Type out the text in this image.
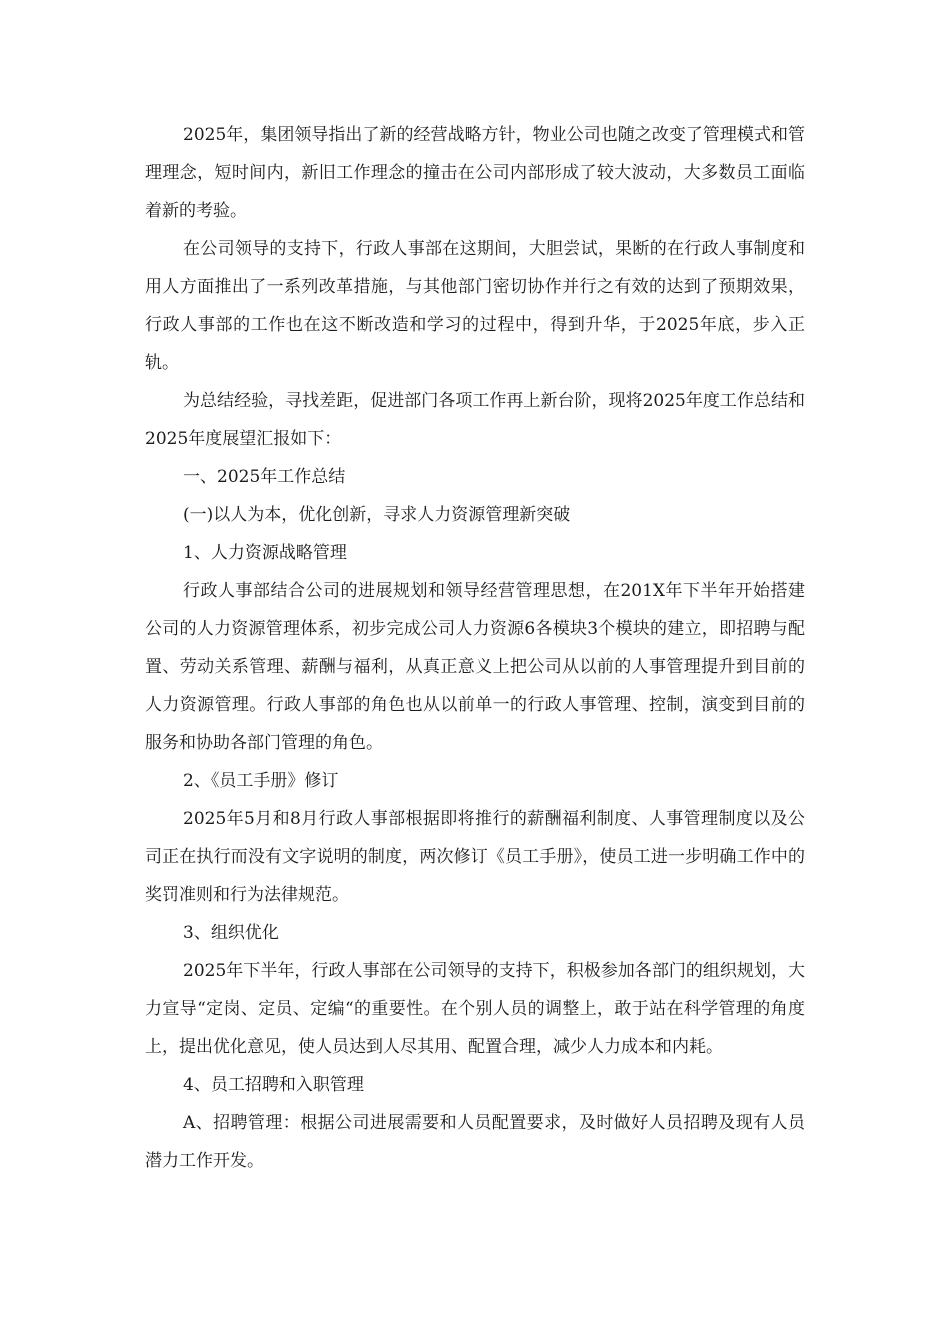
2025年，集团领导指出了新的经营战略方针，物业公司也随之改变了管理模式和管理理念，短时间内，新旧工作理念的撞击在公司内部形成了较大波动，大多数员工面临着新的考验。

在公司领导的支持下，行政人事部在这期间，大胆尝试，果断的在行政人事制度和用人方面推出了一系列改革措施，与其他部门密切协作并行之有效的达到了预期效果，行政人事部的工作也在这不断改造和学习的过程中，得到升华，于2025年底，步入正轨。

为总结经验，寻找差距，促进部门各项工作再上新台阶，现将2025年度工作总结和2025年度展望汇报如下：

一、2025年工作总结

(一)以人为本，优化创新，寻求人力资源管理新突破

1、人力资源战略管理

行政人事部结合公司的进展规划和领导经营管理思想，在201X年下半年开始搭建公司的人力资源管理体系，初步完成公司人力资源6各模块3个模块的建立，即招聘与配置、劳动关系管理、薪酬与福利，从真正意义上把公司从以前的人事管理提升到目前的人力资源管理。行政人事部的角色也从以前单一的行政人事管理、控制，演变到目前的服务和协助各部门管理的角色。

2、《员工手册》修订

2025年5月和8月行政人事部根据即将推行的薪酬福利制度、人事管理制度以及公司正在执行而没有文字说明的制度，两次修订《员工手册》，使员工进一步明确工作中的奖罚准则和行为法律规范。

3、组织优化

2025年下半年，行政人事部在公司领导的支持下，积极参加各部门的组织规划，大力宣导“定岗、定员、定编“的重要性。在个别人员的调整上，敢于站在科学管理的角度上，提出优化意见，使人员达到人尽其用、配置合理，减少人力成本和内耗。

4、员工招聘和入职管理

A、招聘管理：根据公司进展需要和人员配置要求，及时做好人员招聘及现有人员潜力工作开发。
